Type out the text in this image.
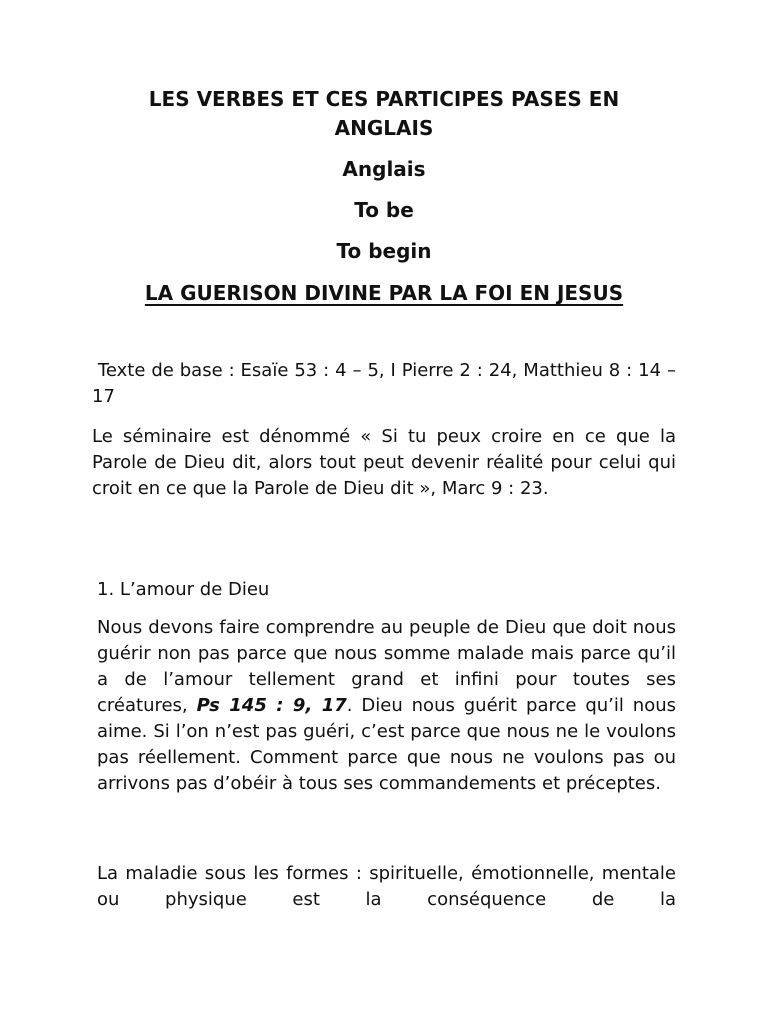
LES VERBES ET CES PARTICIPES PASES EN
ANGLAIS
Anglais
To be
To begin
LA GUERISON DIVINE PAR LA FOI EN JESUS
Texte de base : Esaïe 53 : 4 – 5, I Pierre 2 : 24, Matthieu 8 : 14 – 17
Le séminaire est dénommé « Si tu peux croire en ce que la Parole de Dieu dit, alors tout peut devenir réalité pour celui qui croit en ce que la Parole de Dieu dit », Marc 9 : 23.
1. L’amour de Dieu
Nous devons faire comprendre au peuple de Dieu que doit nous guérir non pas parce que nous somme malade mais parce qu’il a de l’amour tellement grand et infini pour toutes ses créatures, Ps 145 : 9, 17. Dieu nous guérit parce qu’il nous aime. Si l’on n’est pas guéri, c’est parce que nous ne le voulons pas réellement. Comment parce que nous ne voulons pas ou arrivons pas d’obéir à tous ses commandements et préceptes.
La maladie sous les formes : spirituelle, émotionnelle, mentale ou physique est la conséquence de la
